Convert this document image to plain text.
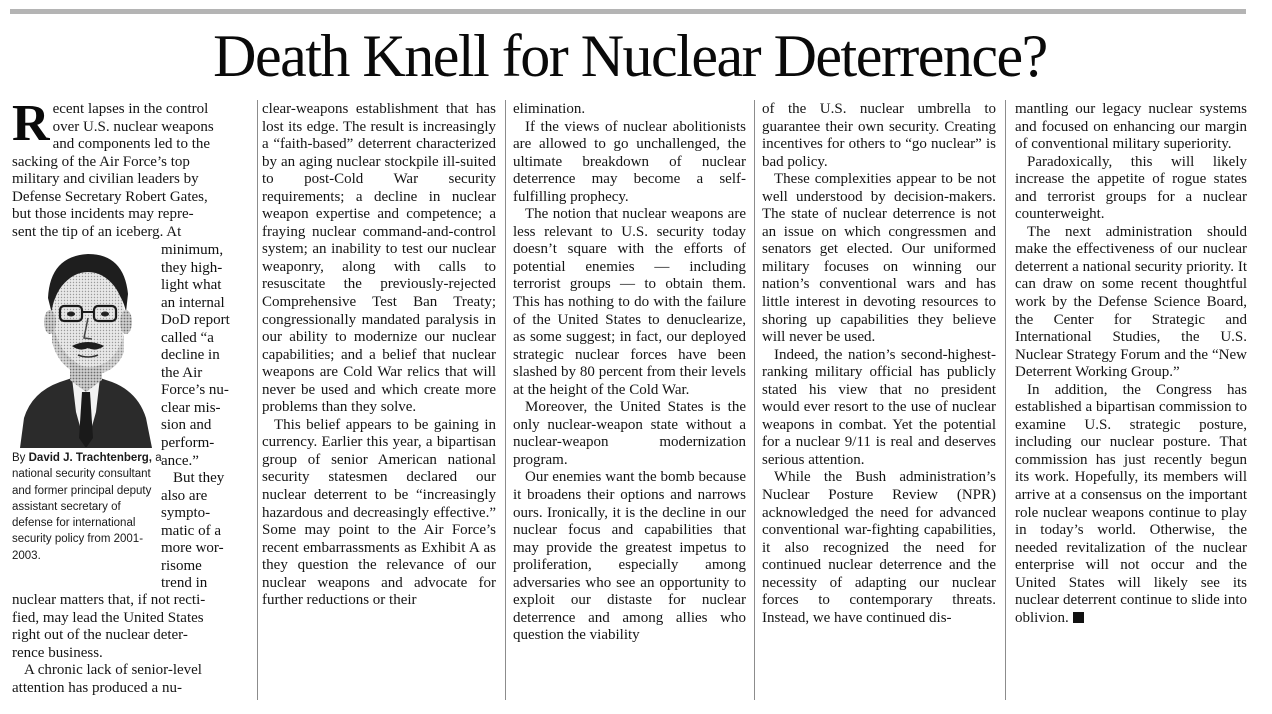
Death Knell for Nuclear Deterrence?

R ecent lapses in the control
over U.S. nuclear weapons
and components led to the
sacking of the Air Force’s top
military and civilian leaders by
Defense Secretary Robert Gates,
but those incidents may repre-
sent the tip of an iceberg. At

By David J. Trachtenberg, a national security consultant and former principal deputy assistant secretary of defense for international security policy from 2001-2003.
minimum,
they high-
light what
an internal
DoD report
called “a
decline in
the Air
Force’s nu-
clear mis-
sion and
perform-
ance.”
But they
also are
sympto-
matic of a
more wor-
risome
trend in
nuclear matters that, if not recti-
fied, may lead the United States
right out of the nuclear deter-
rence business.

A chronic lack of senior-level attention has produced a nu-

clear-weapons establishment that has lost its edge. The result is increasingly a “faith-based” deterrent characterized by an aging nuclear stockpile ill-suited to post-Cold War security requirements; a decline in nuclear weapon expertise and competence; a fraying nuclear command-and-control system; an inability to test our nuclear weaponry, along with calls to resuscitate the previously-rejected Comprehensive Test Ban Treaty; congressionally mandated paralysis in our ability to modernize our nuclear capabilities; and a belief that nuclear weapons are Cold War relics that will never be used and which create more problems than they solve.

This belief appears to be gaining in currency. Earlier this year, a bipartisan group of senior American national security statesmen declared our nuclear deterrent to be “increasingly hazardous and decreasingly effective.” Some may point to the Air Force’s recent embarrassments as Exhibit A as they question the relevance of our nuclear weapons and advocate for further reductions or their

elimination.

If the views of nuclear abolitionists are allowed to go unchallenged, the ultimate breakdown of nuclear deterrence may become a self-fulfilling prophecy.

The notion that nuclear weapons are less relevant to U.S. security today doesn’t square with the efforts of potential enemies — including terrorist groups — to obtain them. This has nothing to do with the failure of the United States to denuclearize, as some suggest; in fact, our deployed strategic nuclear forces have been slashed by 80 percent from their levels at the height of the Cold War.

Moreover, the United States is the only nuclear-weapon state without a nuclear-weapon modernization program.

Our enemies want the bomb because it broadens their options and narrows ours. Ironically, it is the decline in our nuclear focus and capabilities that may provide the greatest impetus to proliferation, especially among adversaries who see an opportunity to exploit our distaste for nuclear deterrence and among allies who question the viability

of the U.S. nuclear umbrella to guarantee their own security. Creating incentives for others to “go nuclear” is bad policy.

These complexities appear to be not well understood by decision-makers. The state of nuclear deterrence is not an issue on which congressmen and senators get elected. Our uniformed military focuses on winning our nation’s conventional wars and has little interest in devoting resources to shoring up capabilities they believe will never be used.

Indeed, the nation’s second-highest-ranking military official has publicly stated his view that no president would ever resort to the use of nuclear weapons in combat. Yet the potential for a nuclear 9/11 is real and deserves serious attention.

While the Bush administration’s Nuclear Posture Review (NPR) acknowledged the need for advanced conventional war-fighting capabilities, it also recognized the need for continued nuclear deterrence and the necessity of adapting our nuclear forces to contemporary threats. Instead, we have continued dis-

mantling our legacy nuclear systems and focused on enhancing our margin of conventional military superiority.

Paradoxically, this will likely increase the appetite of rogue states and terrorist groups for a nuclear counterweight.

The next administration should make the effectiveness of our nuclear deterrent a national security priority. It can draw on some recent thoughtful work by the Defense Science Board, the Center for Strategic and International Studies, the U.S. Nuclear Strategy Forum and the “New Deterrent Working Group.”

In addition, the Congress has established a bipartisan commission to examine U.S. strategic posture, including our nuclear posture. That commission has just recently begun its work. Hopefully, its members will arrive at a consensus on the important role nuclear weapons continue to play in today’s world. Otherwise, the needed revitalization of the nuclear enterprise will not occur and the United States will likely see its nuclear deterrent continue to slide into oblivion.
